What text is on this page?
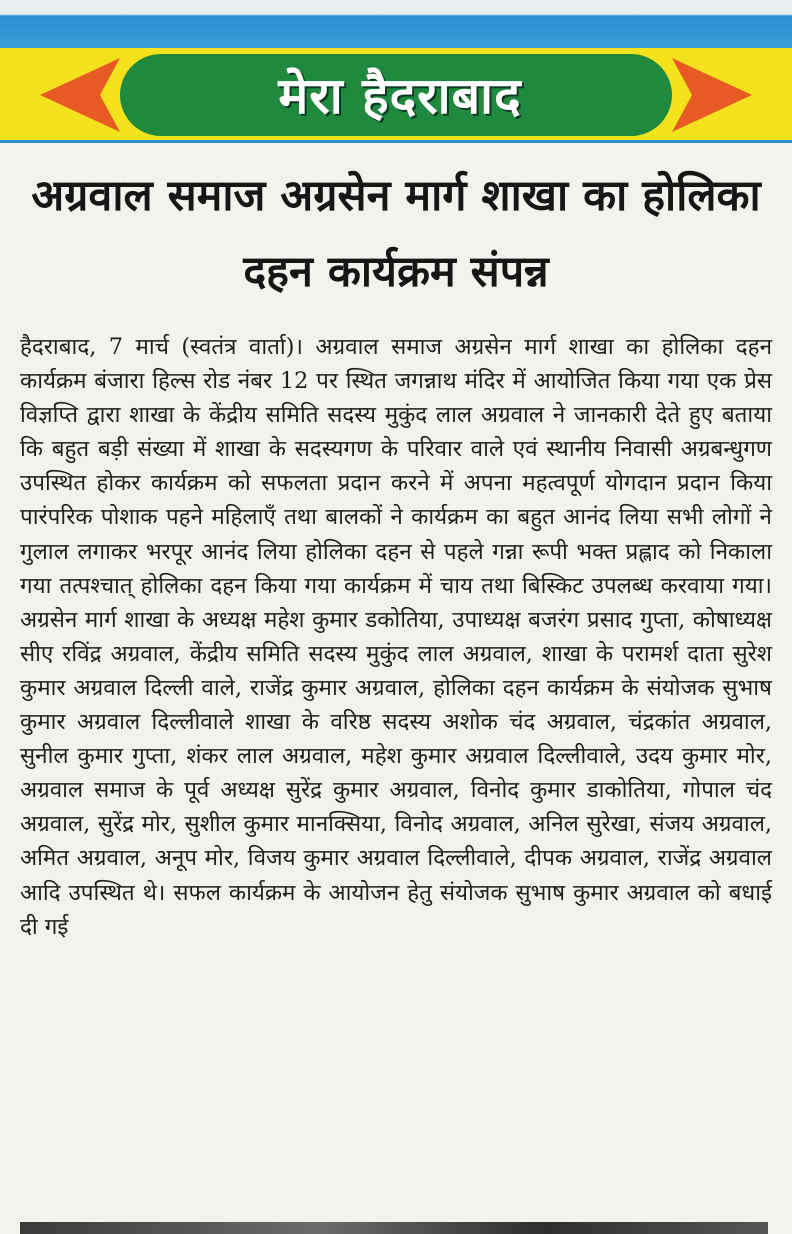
मेरा हैदराबाद
अग्रवाल समाज अग्रसेन मार्ग शाखा का होलिका दहन कार्यक्रम संपन्न

हैदराबाद, 7 मार्च (स्वतंत्र वार्ता)। अग्रवाल समाज अग्रसेन मार्ग शाखा का होलिका दहन कार्यक्रम बंजारा हिल्स रोड नंबर 12 पर स्थित जगन्नाथ मंदिर में आयोजित किया गया एक प्रेस विज्ञप्ति द्वारा शाखा के केंद्रीय समिति सदस्य मुकुंद लाल अग्रवाल ने जानकारी देते हुए बताया कि बहुत बड़ी संख्या में शाखा के सदस्यगण के परिवार वाले एवं स्थानीय निवासी अग्रबन्धुगण उपस्थित होकर कार्यक्रम को सफलता प्रदान करने में अपना महत्वपूर्ण योगदान प्रदान किया पारंपरिक पोशाक पहने महिलाएँ तथा बालकों ने कार्यक्रम का बहुत आनंद लिया सभी लोगों ने गुलाल लगाकर भरपूर आनंद लिया होलिका दहन से पहले गन्ना रूपी भक्त प्रह्लाद को निकाला गया तत्पश्चात् होलिका दहन किया गया कार्यक्रम में चाय तथा बिस्किट उपलब्ध करवाया गया। अग्रसेन मार्ग शाखा के अध्यक्ष महेश कुमार डकोतिया, उपाध्यक्ष बजरंग प्रसाद गुप्ता, कोषाध्यक्ष सीए रविंद्र अग्रवाल, केंद्रीय समिति सदस्य मुकुंद लाल अग्रवाल, शाखा के परामर्श दाता सुरेश कुमार अग्रवाल दिल्ली वाले, राजेंद्र कुमार अग्रवाल, होलिका दहन कार्यक्रम के संयोजक सुभाष कुमार अग्रवाल दिल्लीवाले शाखा के वरिष्ठ सदस्य अशोक चंद अग्रवाल, चंद्रकांत अग्रवाल, सुनील कुमार गुप्ता, शंकर लाल अग्रवाल, महेश कुमार अग्रवाल दिल्लीवाले, उदय कुमार मोर, अग्रवाल समाज के पूर्व अध्यक्ष सुरेंद्र कुमार अग्रवाल, विनोद कुमार डाकोतिया, गोपाल चंद अग्रवाल, सुरेंद्र मोर, सुशील कुमार मानक्सिया, विनोद अग्रवाल, अनिल सुरेखा, संजय अग्रवाल, अमित अग्रवाल, अनूप मोर, विजय कुमार अग्रवाल दिल्लीवाले, दीपक अग्रवाल, राजेंद्र अग्रवाल आदि उपस्थित थे। सफल कार्यक्रम के आयोजन हेतु संयोजक सुभाष कुमार अग्रवाल को बधाई दी गई
